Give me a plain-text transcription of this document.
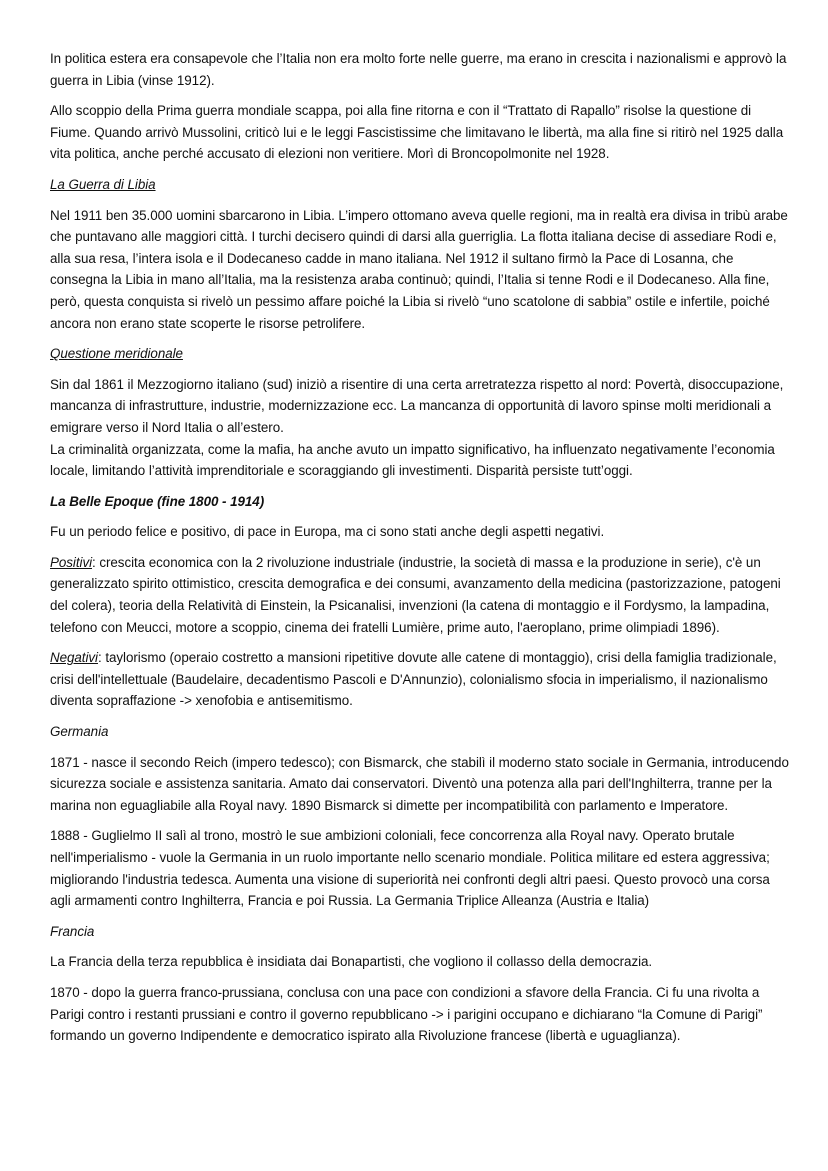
In politica estera era consapevole che l’Italia non era molto forte nelle guerre, ma erano in crescita i nazionalismi e approvò la guerra in Libia (vinse 1912).

Allo scoppio della Prima guerra mondiale scappa, poi alla fine ritorna e con il “Trattato di Rapallo” risolse la questione di Fiume. Quando arrivò Mussolini, criticò lui e le leggi Fascistissime che limitavano le libertà, ma alla fine si ritirò nel 1925 dalla vita politica, anche perché accusato di elezioni non veritiere. Morì di Broncopolmonite nel 1928.

La Guerra di Libia

Nel 1911 ben 35.000 uomini sbarcarono in Libia. L’impero ottomano aveva quelle regioni, ma in realtà era divisa in tribù arabe che puntavano alle maggiori città. I turchi decisero quindi di darsi alla guerriglia. La flotta italiana decise di assediare Rodi e, alla sua resa, l’intera isola e il Dodecaneso cadde in mano italiana. Nel 1912 il sultano firmò la Pace di Losanna, che consegna la Libia in mano all’Italia, ma la resistenza araba continuò; quindi, l’Italia si tenne Rodi e il Dodecaneso. Alla fine, però, questa conquista si rivelò un pessimo affare poiché la Libia si rivelò “uno scatolone di sabbia” ostile e infertile, poiché ancora non erano state scoperte le risorse petrolifere.

Questione meridionale

Sin dal 1861 il Mezzogiorno italiano (sud) iniziò a risentire di una certa arretratezza rispetto al nord: Povertà, disoccupazione, mancanza di infrastrutture, industrie, modernizzazione ecc. La mancanza di opportunità di lavoro spinse molti meridionali a emigrare verso il Nord Italia o all’estero.
La criminalità organizzata, come la mafia, ha anche avuto un impatto significativo, ha influenzato negativamente l’economia locale, limitando l’attività imprenditoriale e scoraggiando gli investimenti. Disparità persiste tutt’oggi.

La Belle Epoque (fine 1800 - 1914)

Fu un periodo felice e positivo, di pace in Europa, ma ci sono stati anche degli aspetti negativi.

Positivi: crescita economica con la 2 rivoluzione industriale (industrie, la società di massa e la produzione in serie), c'è un generalizzato spirito ottimistico, crescita demografica e dei consumi, avanzamento della medicina (pastorizzazione, patogeni del colera), teoria della Relatività di Einstein, la Psicanalisi, invenzioni (la catena di montaggio e il Fordysmo, la lampadina, telefono con Meucci, motore a scoppio, cinema dei fratelli Lumière, prime auto, l'aeroplano, prime olimpiadi 1896).

Negativi: taylorismo (operaio costretto a mansioni ripetitive dovute alle catene di montaggio), crisi della famiglia tradizionale, crisi dell'intellettuale (Baudelaire, decadentismo Pascoli e D'Annunzio), colonialismo sfocia in imperialismo, il nazionalismo diventa sopraffazione -> xenofobia e antisemitismo.

Germania

1871 - nasce il secondo Reich (impero tedesco); con Bismarck, che stabilì il moderno stato sociale in Germania, introducendo sicurezza sociale e assistenza sanitaria. Amato dai conservatori. Diventò una potenza alla pari dell'Inghilterra, tranne per la marina non eguagliabile alla Royal navy. 1890 Bismarck si dimette per incompatibilità con parlamento e Imperatore.

1888 - Guglielmo II salì al trono, mostrò le sue ambizioni coloniali, fece concorrenza alla Royal navy. Operato brutale nell'imperialismo - vuole la Germania in un ruolo importante nello scenario mondiale. Politica militare ed estera aggressiva; migliorando l'industria tedesca. Aumenta una visione di superiorità nei confronti degli altri paesi. Questo provocò una corsa agli armamenti contro Inghilterra, Francia e poi Russia. La Germania Triplice Alleanza (Austria e Italia)

Francia

La Francia della terza repubblica è insidiata dai Bonapartisti, che vogliono il collasso della democrazia.

1870 - dopo la guerra franco-prussiana, conclusa con una pace con condizioni a sfavore della Francia. Ci fu una rivolta a Parigi contro i restanti prussiani e contro il governo repubblicano -> i parigini occupano e dichiarano “la Comune di Parigi” formando un governo Indipendente e democratico ispirato alla Rivoluzione francese (libertà e uguaglianza).
